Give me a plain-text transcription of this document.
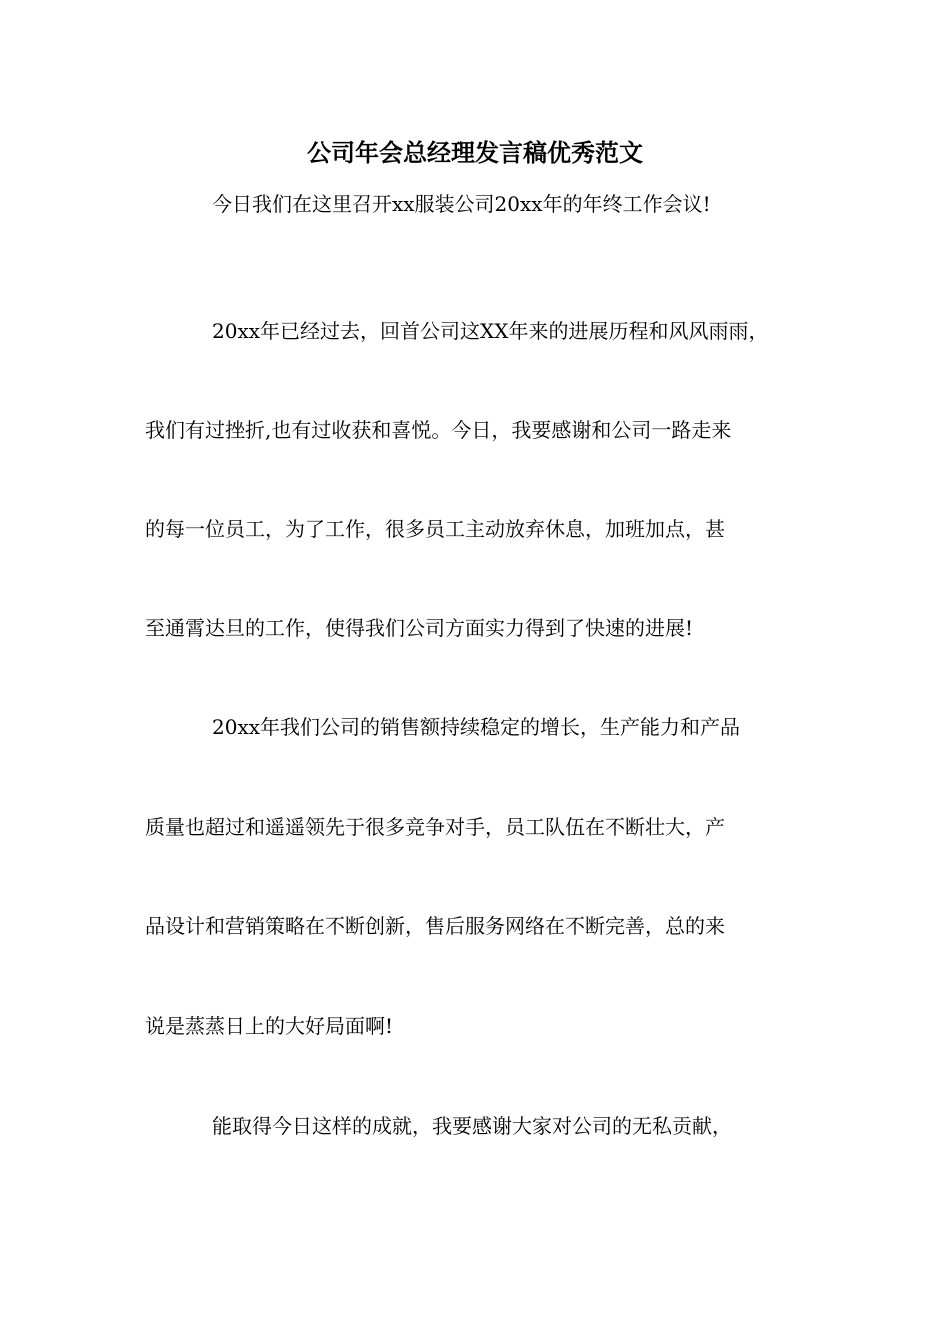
公司年会总经理发言稿优秀范文
今日我们在这里召开xx服装公司20xx年的年终工作会议!
20xx年已经过去，回首公司这XX年来的进展历程和风风雨雨，
我们有过挫折,也有过收获和喜悦。今日，我要感谢和公司一路走来
的每一位员工，为了工作，很多员工主动放弃休息，加班加点，甚
至通霄达旦的工作，使得我们公司方面实力得到了快速的进展!
20xx年我们公司的销售额持续稳定的增长，生产能力和产品
质量也超过和遥遥领先于很多竞争对手，员工队伍在不断壮大，产
品设计和营销策略在不断创新，售后服务网络在不断完善，总的来
说是蒸蒸日上的大好局面啊!
能取得今日这样的成就，我要感谢大家对公司的无私贡献，
